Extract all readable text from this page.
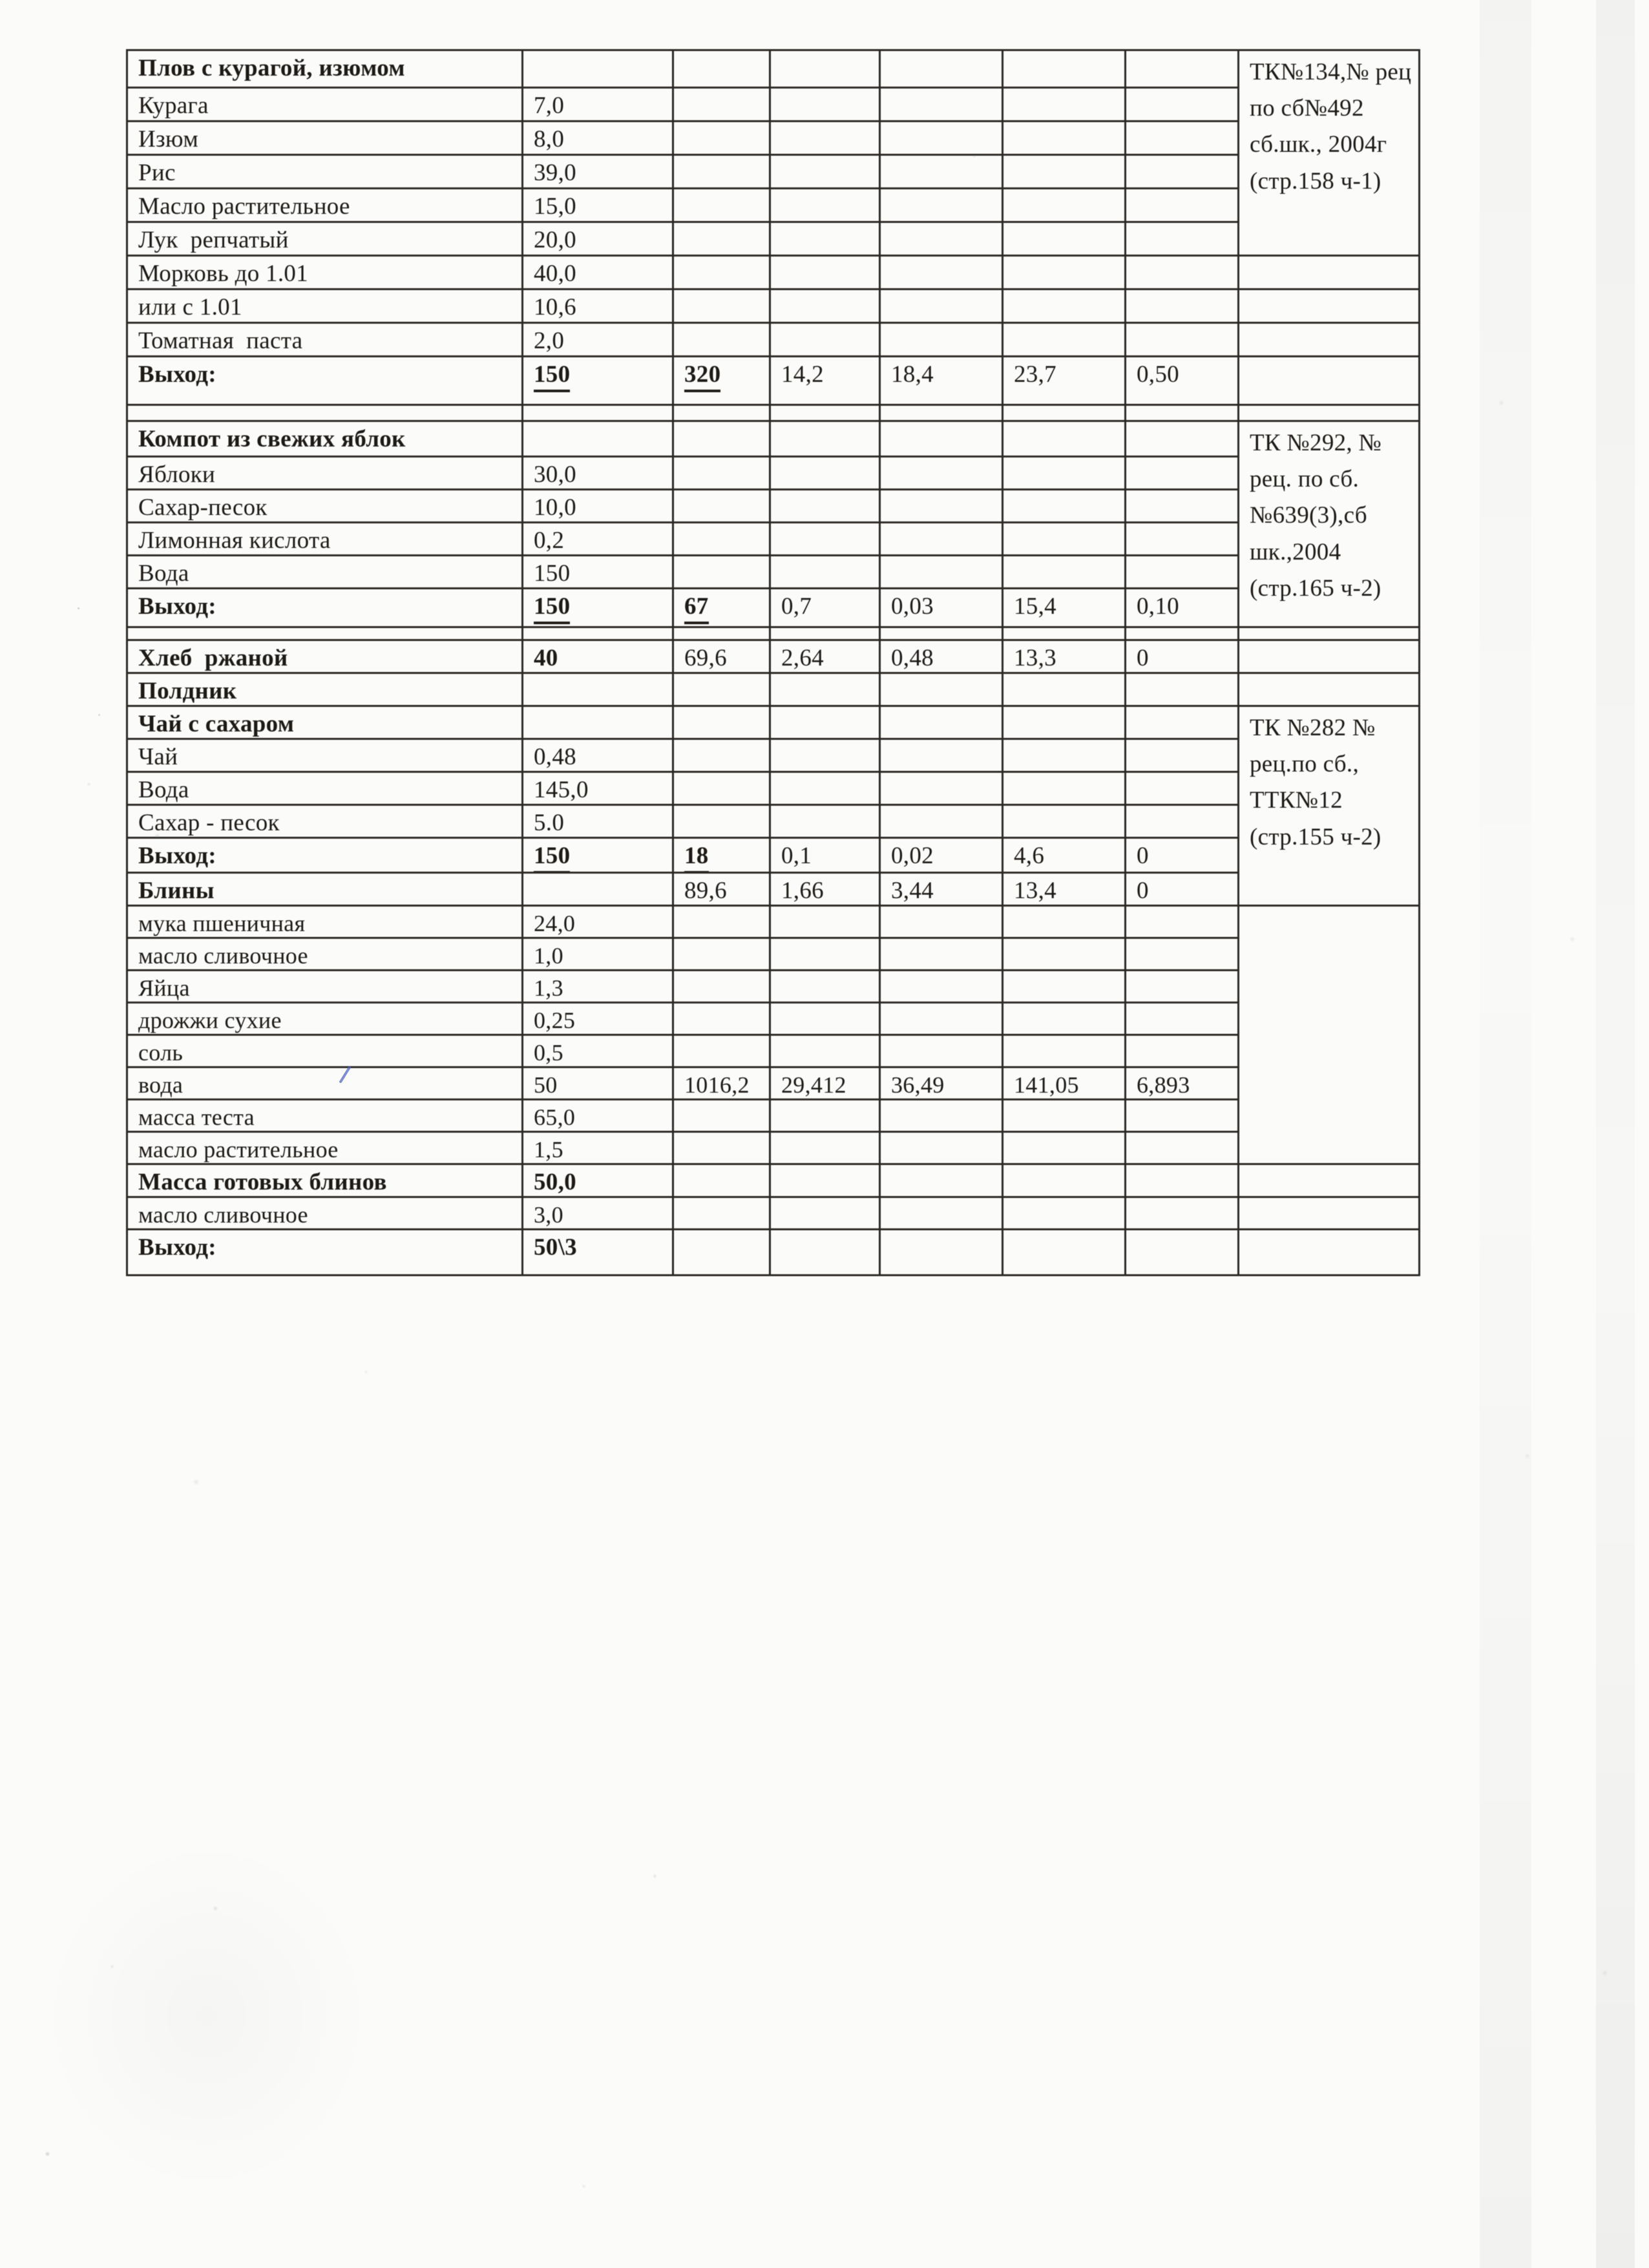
Плов с курагой, изюмом							ТК№134,№ рец по сб№492 сб.шк., 2004г (стр.158 ч-1)
Курага	7,0						
Изюм	8,0						
Рис	39,0						
Масло растительное	15,0						
Лук  репчатый	20,0						
Морковь до 1.01	40,0						
или с 1.01	10,6						
Томатная  паста	2,0						
Выход:	150	320	14,2	18,4	23,7	0,50	

Компот из свежих яблок							ТК №292, № рец. по сб. №639(3),сб шк.,2004 (стр.165 ч-2)
Яблоки	30,0						
Сахар-песок	10,0						
Лимонная кислота	0,2						
Вода	150						
Выход:	150	67	0,7	0,03	15,4	0,10	

Хлеб  ржаной	40	69,6	2,64	0,48	13,3	0	
Полдник							
Чай с сахаром							ТК №282 № рец.по сб., ТТК№12 (стр.155 ч-2)
Чай	0,48						
Вода	145,0						
Сахар - песок	5.0						
Выход:	150	18	0,1	0,02	4,6	0	
Блины		89,6	1,66	3,44	13,4	0	
мука пшеничная	24,0						
масло сливочное	1,0						
Яйца	1,3						
дрожжи сухие	0,25						
соль	0,5						
вода	50	1016,2	29,412	36,49	141,05	6,893	
масса теста	65,0						
масло растительное	1,5						
Масса готовых блинов	50,0						
масло сливочное	3,0						
Выход:	50\3						
